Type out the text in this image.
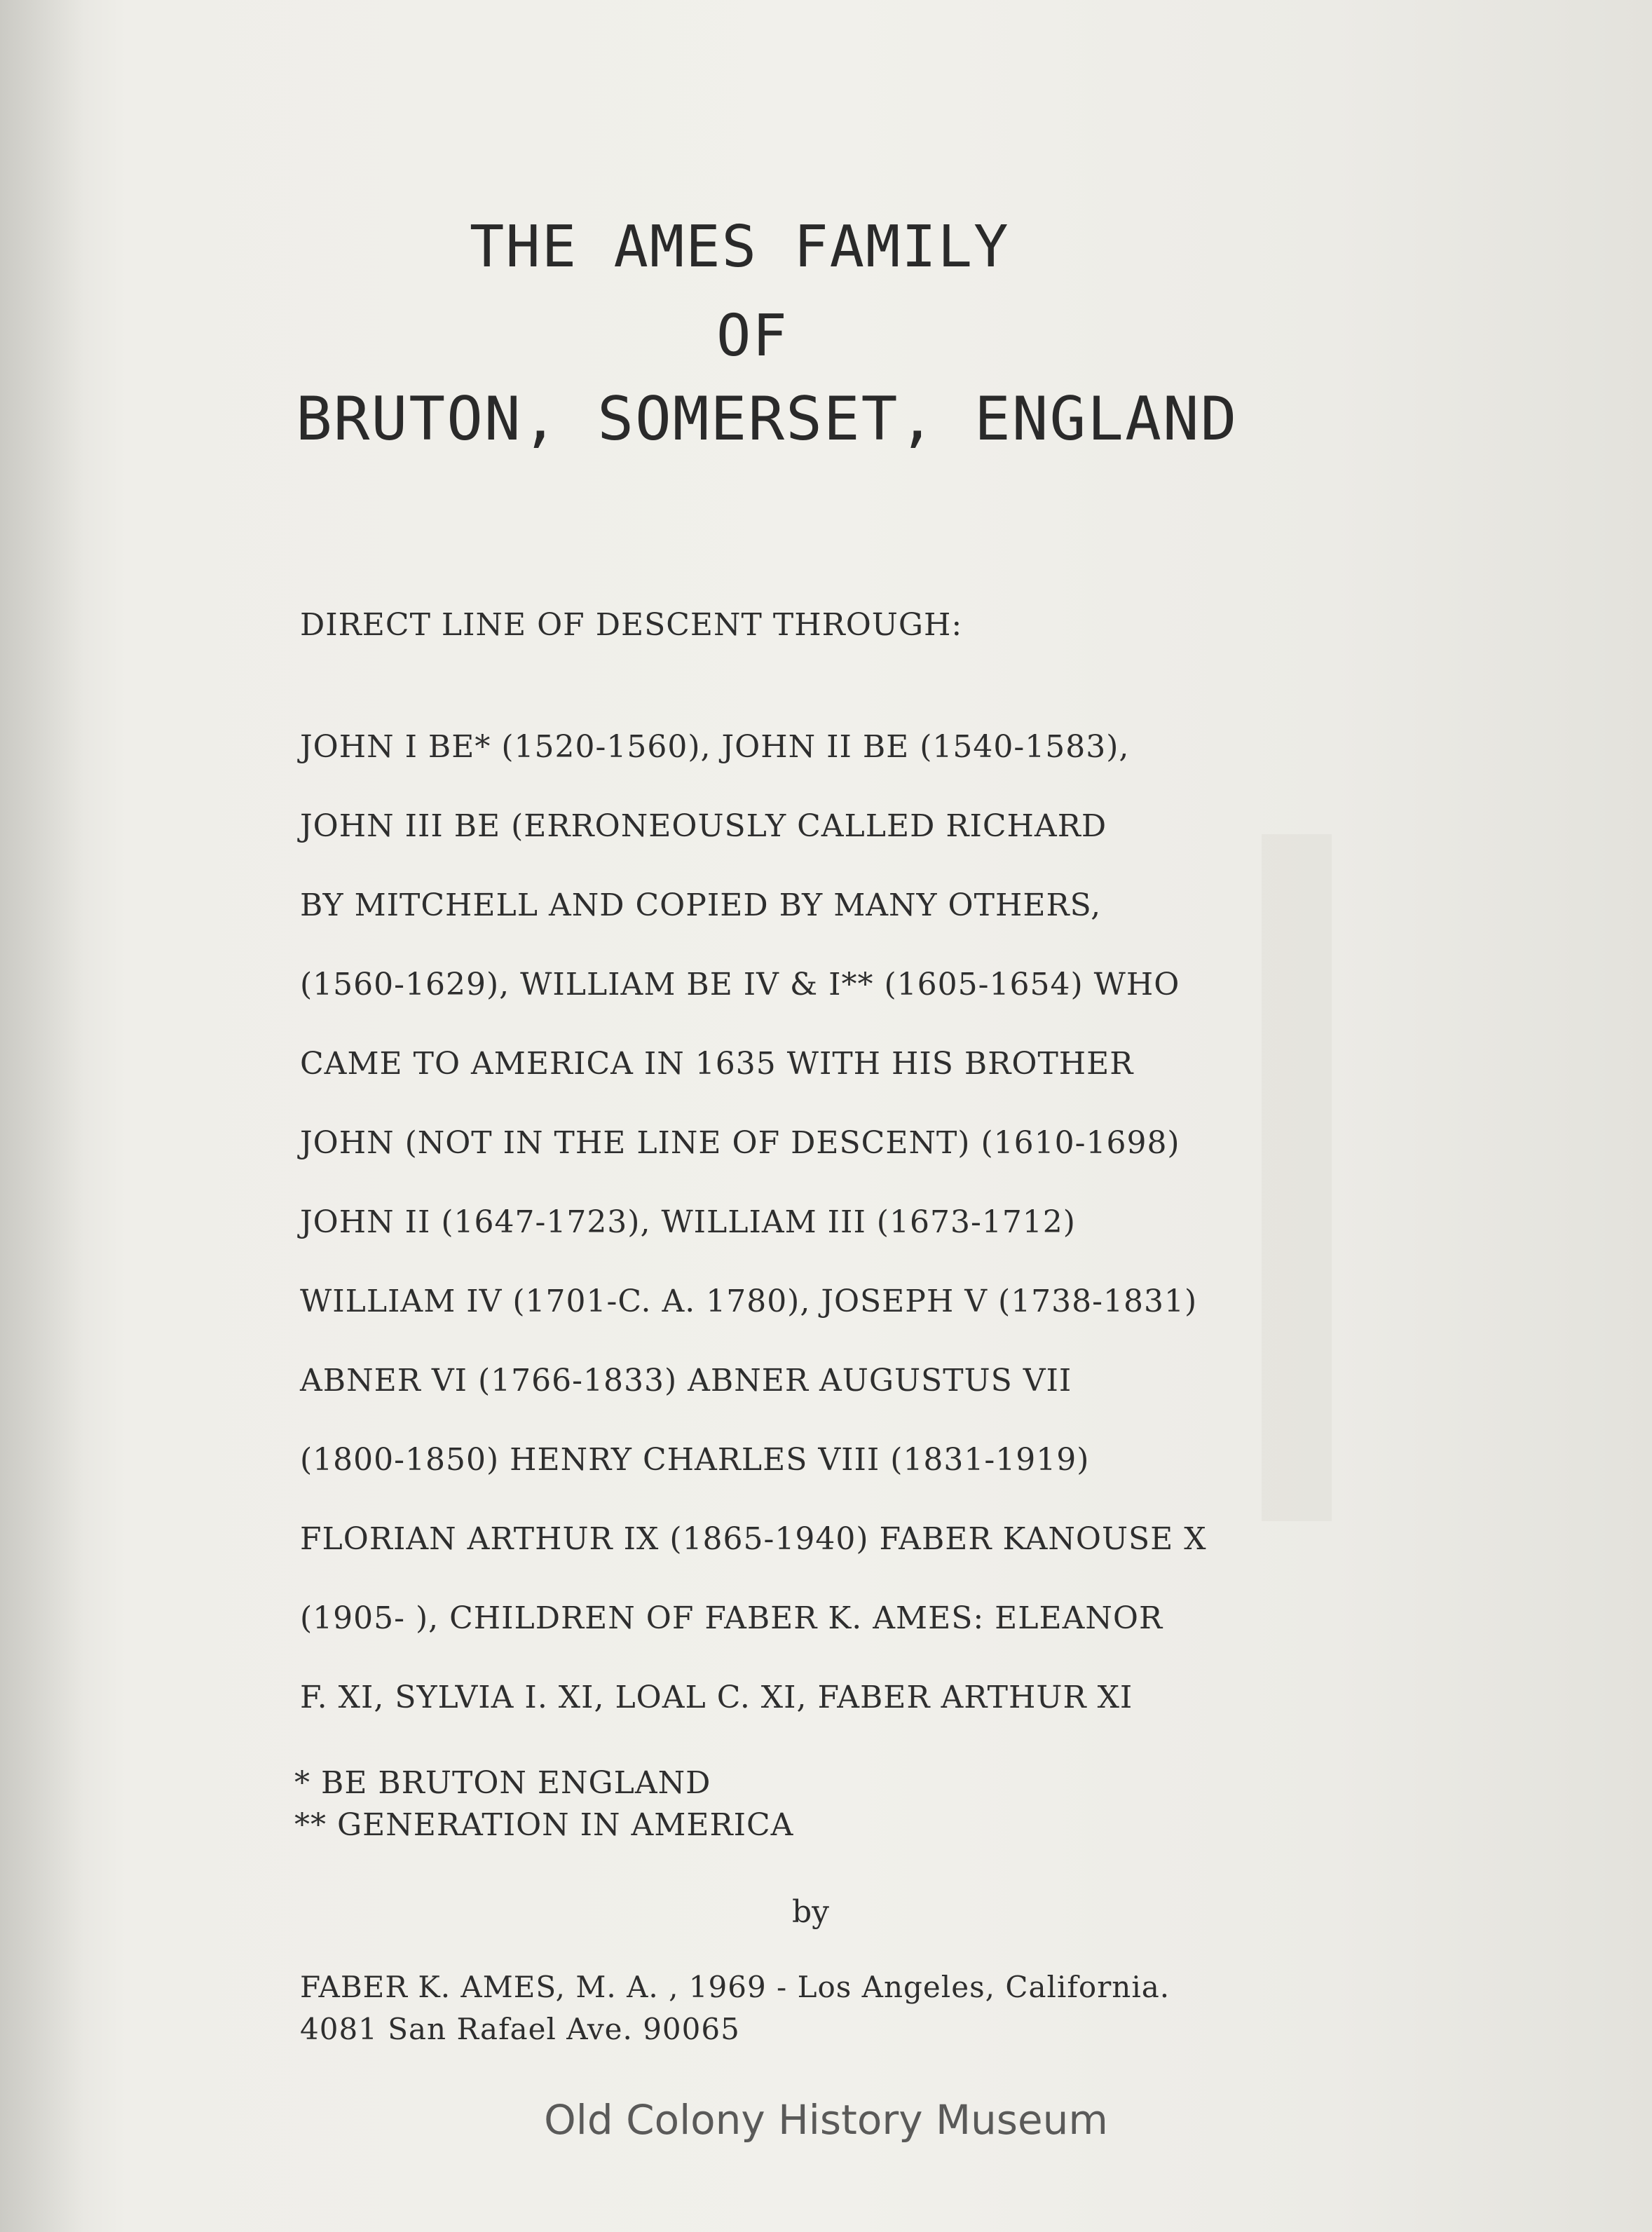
THE AMES FAMILY
OF
BRUTON, SOMERSET, ENGLAND
DIRECT LINE OF DESCENT THROUGH:
JOHN I BE* (1520-1560), JOHN II BE (1540-1583),
JOHN III BE (ERRONEOUSLY CALLED RICHARD
BY MITCHELL AND COPIED BY MANY OTHERS,
(1560-1629), WILLIAM BE IV & I** (1605-1654) WHO
CAME TO AMERICA IN 1635 WITH HIS BROTHER
JOHN (NOT IN THE LINE OF DESCENT) (1610-1698)
JOHN II (1647-1723), WILLIAM III (1673-1712)
WILLIAM IV (1701-C. A. 1780), JOSEPH V (1738-1831)
ABNER VI (1766-1833) ABNER AUGUSTUS VII
(1800-1850) HENRY CHARLES VIII (1831-1919)
FLORIAN ARTHUR IX (1865-1940) FABER KANOUSE X
(1905- ), CHILDREN OF FABER K. AMES: ELEANOR
F. XI, SYLVIA I. XI, LOAL C. XI, FABER ARTHUR XI
* BE BRUTON ENGLAND
** GENERATION IN AMERICA
by
FABER K. AMES, M. A. , 1969 - Los Angeles, California.
4081 San Rafael Ave. 90065
Old Colony History Museum
